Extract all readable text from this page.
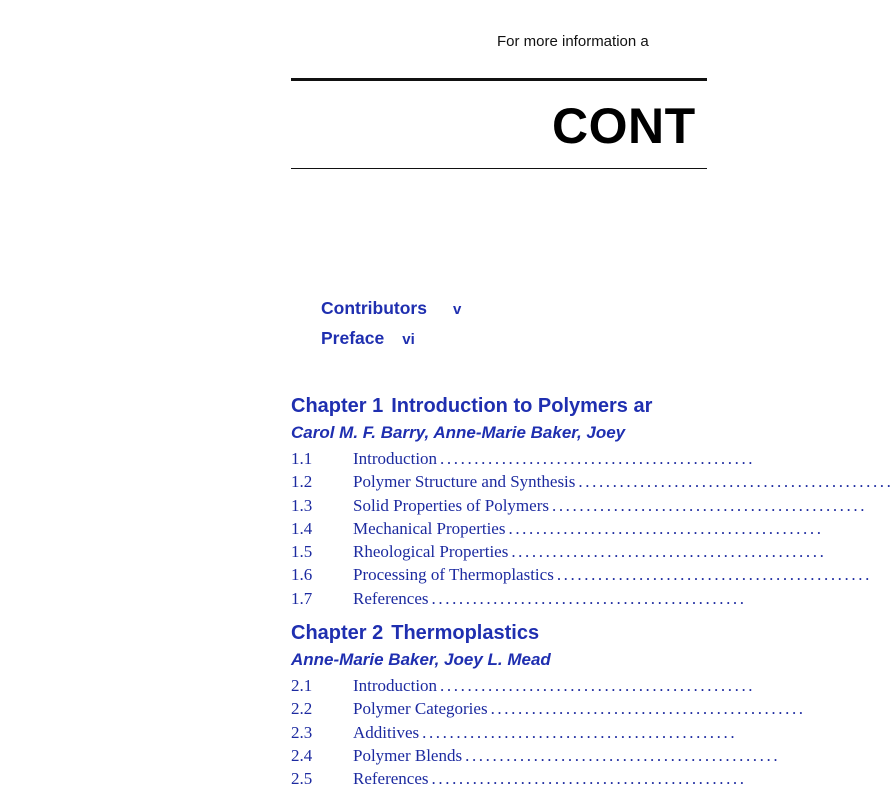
For more information a
CONT
Contributors v
Preface vi
Chapter 1 Introduction to Polymers ar
Carol M. F. Barry, Anne-Marie Baker, Joey
1.1 Introduction ..............................................
1.2 Polymer Structure and Synthesis ..............................................
1.3 Solid Properties of Polymers ..............................................
1.4 Mechanical Properties ..............................................
1.5 Rheological Properties ..............................................
1.6 Processing of Thermoplastics ..............................................
1.7 References ..............................................
Chapter 2 Thermoplastics
Anne-Marie Baker, Joey L. Mead
2.1 Introduction ..............................................
2.2 Polymer Categories ..............................................
2.3 Additives ..............................................
2.4 Polymer Blends ..............................................
2.5 References ..............................................
